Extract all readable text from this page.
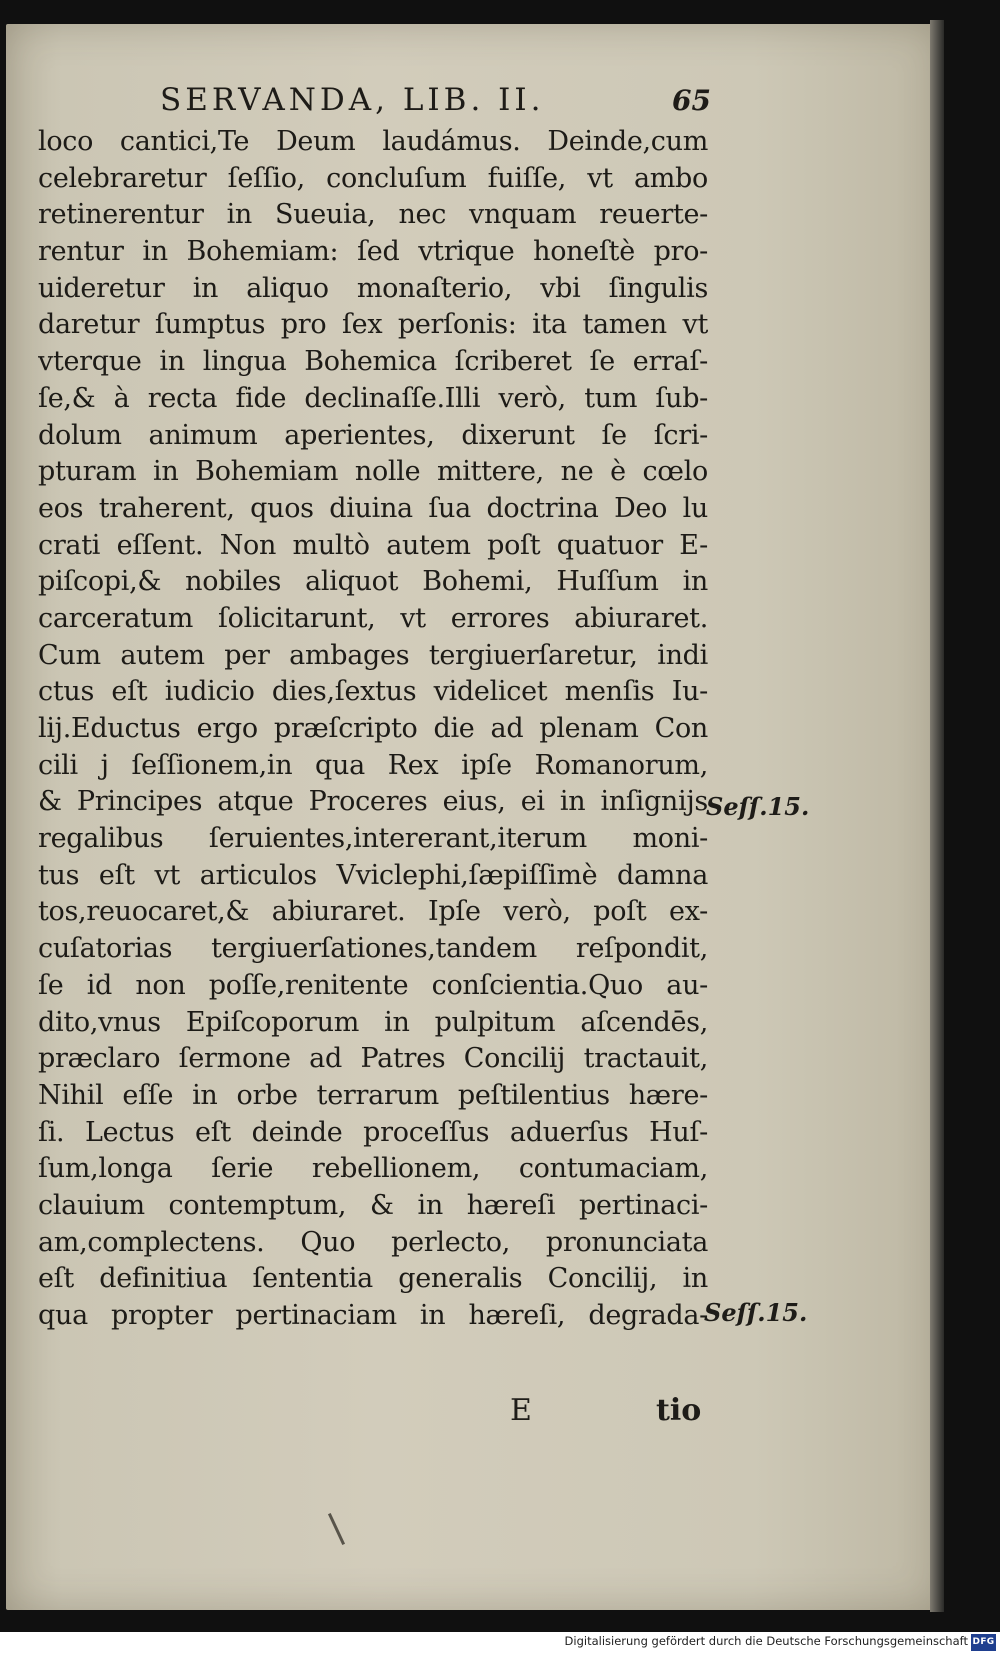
SERVANDA, LIB. II.	65
loco cantici,Te Deum laudámus. Deinde,cum
celebraretur ſeſſio, concluſum fuiſſe, vt ambo
retinerentur in Sueuia, nec vnquam reuerte-
rentur in Bohemiam: ſed vtrique honeſtè pro-
uideretur in aliquo monaſterio, vbi ſingulis
daretur ſumptus pro ſex perſonis: ita tamen vt
vterque in lingua Bohemica ſcriberet ſe erraſ-
ſe,& à recta fide declinaſſe.Illi verò, tum ſub-
dolum animum aperientes, dixerunt ſe ſcri-
pturam in Bohemiam nolle mittere, ne è cœlo
eos traherent, quos diuina ſua doctrina Deo lu
crati eſſent. Non multò autem poſt quatuor E-
piſcopi,& nobiles aliquot Bohemi, Huſſum in
carceratum ſolicitarunt, vt errores abiuraret.
Cum autem per ambages tergiuerſaretur, indi
ctus eſt iudicio dies,ſextus videlicet menſis Iu-
lij.Eductus ergo præſcripto die ad plenam Con
cili j ſeſſionem,in qua Rex ipſe Romanorum,
& Principes atque Proceres eius, ei in inſignijs
regalibus ſeruientes,intererant,iterum moni-
tus eſt vt articulos Vviclephi,ſæpiſſimè damna
tos,reuocaret,& abiuraret. Ipſe verò, poſt ex-
cuſatorias tergiuerſationes,tandem reſpondit,
ſe id non poſſe,renitente conſcientia.Quo au-
dito,vnus Epiſcoporum in pulpitum aſcendēs,
præclaro ſermone ad Patres Concilij tractauit,
Nihil eſſe in orbe terrarum peſtilentius hære-
ſi. Lectus eſt deinde proceſſus aduerſus Huſ-
ſum,longa ſerie rebellionem, contumaciam,
clauium contemptum, & in hæreſi pertinaci-
am,complectens. Quo perlecto, pronunciata
eſt definitiua ſententia generalis Concilij, in
qua propter pertinaciam in hæreſi, degrada-
Seſſ.15.
Seſſ.15.
E	tio
Digitalisierung gefördert durch die Deutsche Forschungsgemeinschaft DFG
